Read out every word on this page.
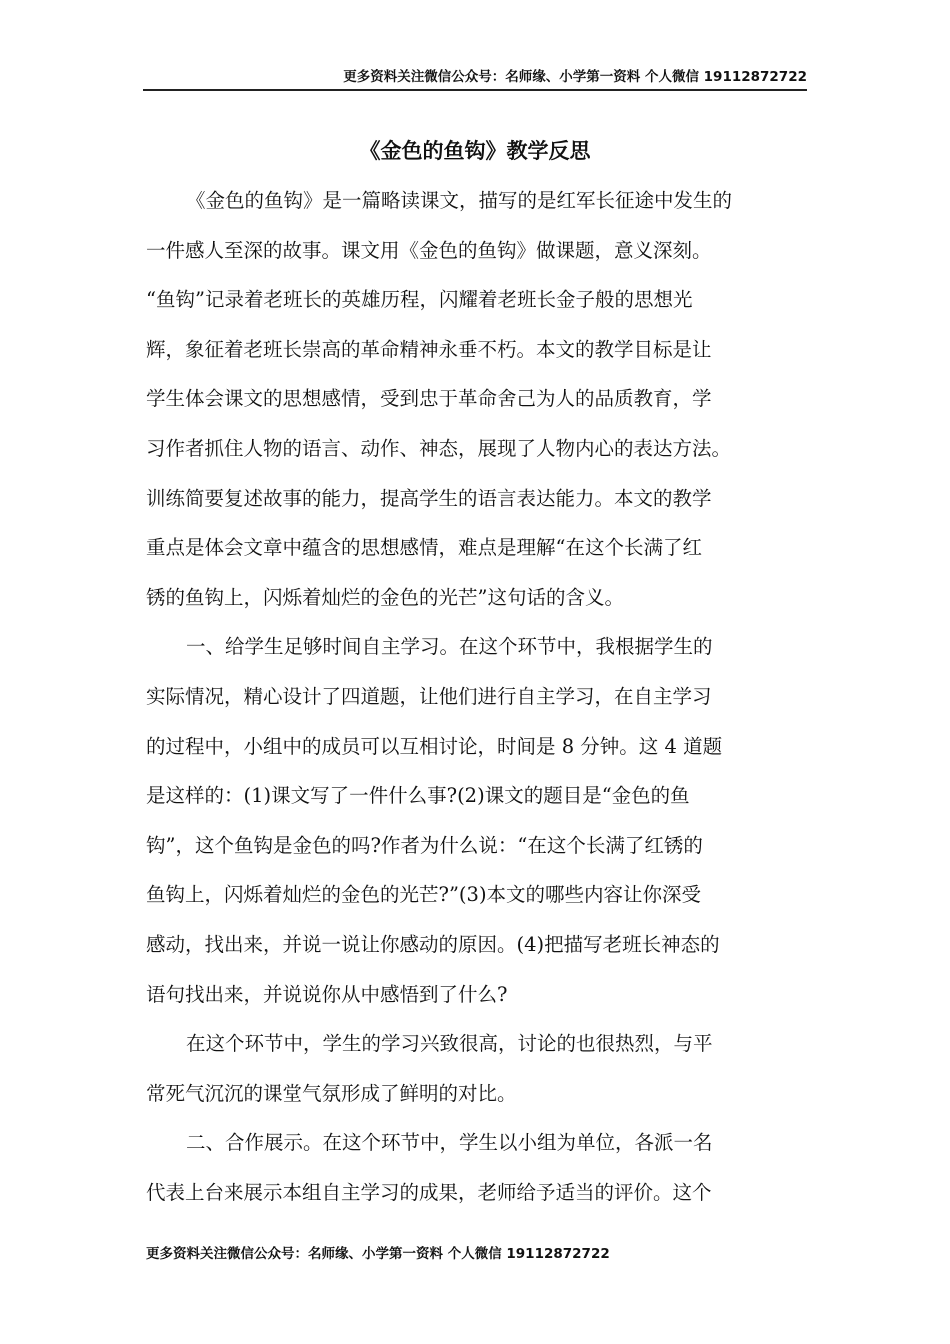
更多资料关注微信公众号：名师缘、小学第一资料 个人微信 19112872722
《金色的鱼钩》教学反思

《金色的鱼钩》是一篇略读课文，描写的是红军长征途中发生的
一件感人至深的故事。课文用《金色的鱼钩》做课题，意义深刻。
“鱼钩”记录着老班长的英雄历程，闪耀着老班长金子般的思想光
辉，象征着老班长崇高的革命精神永垂不朽。本文的教学目标是让
学生体会课文的思想感情，受到忠于革命舍己为人的品质教育，学
习作者抓住人物的语言、动作、神态，展现了人物内心的表达方法。
训练简要复述故事的能力，提高学生的语言表达能力。本文的教学
重点是体会文章中蕴含的思想感情，难点是理解“在这个长满了红
锈的鱼钩上，闪烁着灿烂的金色的光芒”这句话的含义。

一、给学生足够时间自主学习。在这个环节中，我根据学生的
实际情况，精心设计了四道题，让他们进行自主学习，在自主学习
的过程中，小组中的成员可以互相讨论，时间是 8 分钟。这 4 道题
是这样的：(1)课文写了一件什么事?(2)课文的题目是“金色的鱼
钩”，这个鱼钩是金色的吗?作者为什么说：“在这个长满了红锈的
鱼钩上，闪烁着灿烂的金色的光芒?”(3)本文的哪些内容让你深受
感动，找出来，并说一说让你感动的原因。(4)把描写老班长神态的
语句找出来，并说说你从中感悟到了什么?

在这个环节中，学生的学习兴致很高，讨论的也很热烈，与平
常死气沉沉的课堂气氛形成了鲜明的对比。

二、合作展示。在这个环节中，学生以小组为单位，各派一名
代表上台来展示本组自主学习的成果，老师给予适当的评价。这个

更多资料关注微信公众号：名师缘、小学第一资料 个人微信 19112872722
